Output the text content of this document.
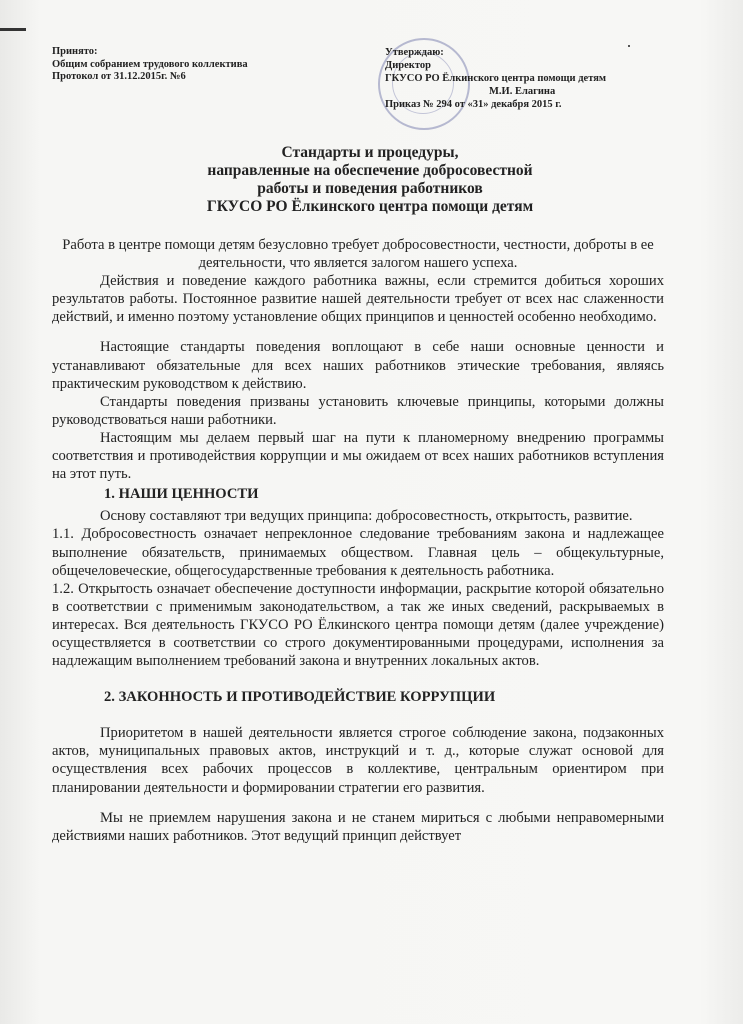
Принято:
Общим собранием трудового коллектива
Протокол от 31.12.2015г. №6
Утверждаю:
Директор
ГКУСО РО Ёлкинского центра помощи детям
М.И. Елагина
Приказ № 294 от «31» декабря 2015 г.
Стандарты и процедуры,
направленные на обеспечение добросовестной
работы и поведения работников
ГКУСО РО Ёлкинского центра помощи детям

Работа в центре помощи детям безусловно требует добросовестности, честности, доброты в ее деятельности, что является залогом нашего успеха.

Действия и поведение каждого работника важны, если стремится добиться хороших результатов работы. Постоянное развитие нашей деятельности требует от всех нас слаженности действий, и именно поэтому установление общих принципов и ценностей особенно необходимо.

Настоящие стандарты поведения воплощают в себе наши основные ценности и устанавливают обязательные для всех наших работников этические требования, являясь практическим руководством к действию.

Стандарты поведения призваны установить ключевые принципы, которыми должны руководствоваться наши работники.

Настоящим мы делаем первый шаг на пути к планомерному внедрению программы соответствия и противодействия коррупции и мы ожидаем от всех наших работников вступления на этот путь.

1. НАШИ ЦЕННОСТИ

Основу составляют три ведущих принципа: добросовестность, открытость, развитие.

1.1. Добросовестность означает непреклонное следование требованиям закона и надлежащее выполнение обязательств, принимаемых обществом. Главная цель – общекультурные, общечеловеческие, общегосударственные требования к деятельность работника.

1.2. Открытость означает обеспечение доступности информации, раскрытие которой обязательно в соответствии с применимым законодательством, а так же иных сведений, раскрываемых в интересах. Вся деятельность ГКУСО РО Ёлкинского центра помощи детям (далее учреждение) осуществляется в соответствии со строго документированными процедурами, исполнения за надлежащим выполнением требований закона и внутренних локальных актов.

2. ЗАКОННОСТЬ И ПРОТИВОДЕЙСТВИЕ КОРРУПЦИИ

Приоритетом в нашей деятельности является строгое соблюдение закона, подзаконных актов, муниципальных правовых актов, инструкций и т. д., которые служат основой для осуществления всех рабочих процессов в коллективе, центральным ориентиром при планировании деятельности и формировании стратегии его развития.

Мы не приемлем нарушения закона и не станем мириться с любыми неправомерными действиями наших работников. Этот ведущий принцип действует
